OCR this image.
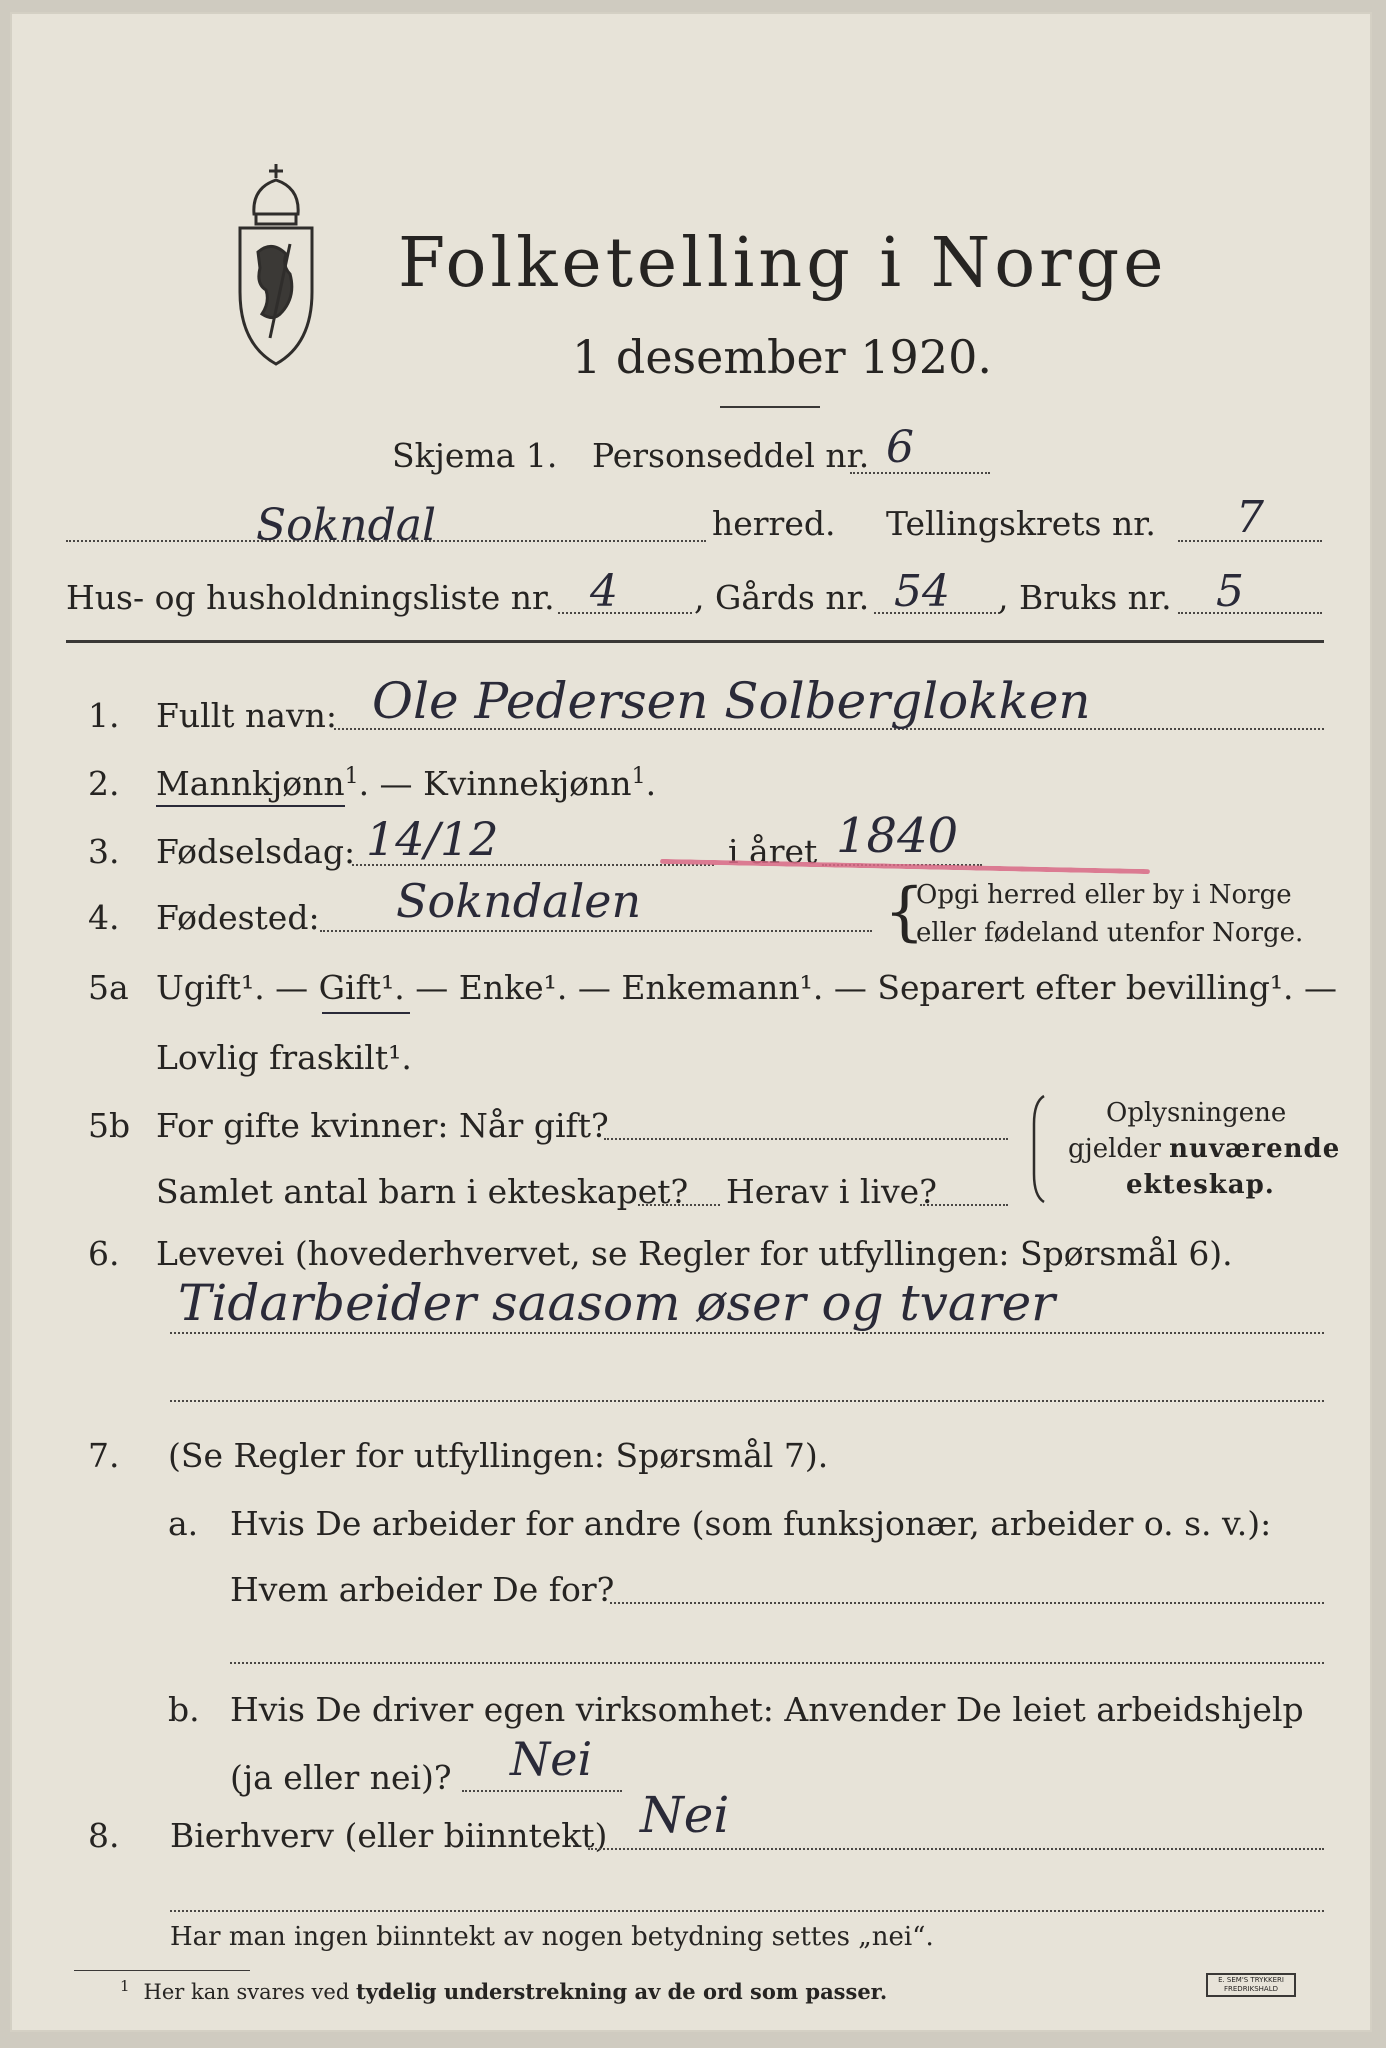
Folketelling i Norge
1 desember 1920.
Skjema 1. Personseddel nr. 6
Sokndal	herred. Tellingskrets nr. 7
Hus- og husholdningsliste nr. 4 , Gårds nr. 54 , Bruks nr. 5
1. Fullt navn: Ole Pedersen Solberglokken
2. Mannkjønn$^1$. — Kvinnekjønn$^1$.
3. Fødselsdag: 14/12	i året 1840
4. Fødested: Sokndalen	{
Opgi herred eller by i Norge
eller fødeland utenfor Norge.
5a Ugift¹. — Gift¹. — Enke¹. — Enkemann¹. — Separert efter bevilling¹. —
Lovlig fraskilt¹.
5b For gifte kvinner: Når gift?
Samlet antal barn i ekteskapet? Herav i live?
Oplysningene
gjelder nuværende
ekteskap.
6. Levevei (hovederhvervet, se Regler for utfyllingen: Spørsmål 6).
Tidarbeider saasom øser og tvarer
7. (Se Regler for utfyllingen: Spørsmål 7).
a. Hvis De arbeider for andre (som funksjonær, arbeider o. s. v.):
Hvem arbeider De for?
b. Hvis De driver egen virksomhet: Anvender De leiet arbeidshjelp
(ja eller nei)? Nei
8. Bierhverv (eller biinntekt) Nei
Har man ingen biinntekt av nogen betydning settes „nei“.
$^1$ Her kan svares ved tydelig understrekning av de ord som passer.	E. SEM'S TRYKKERI
FREDRIKSHALD
